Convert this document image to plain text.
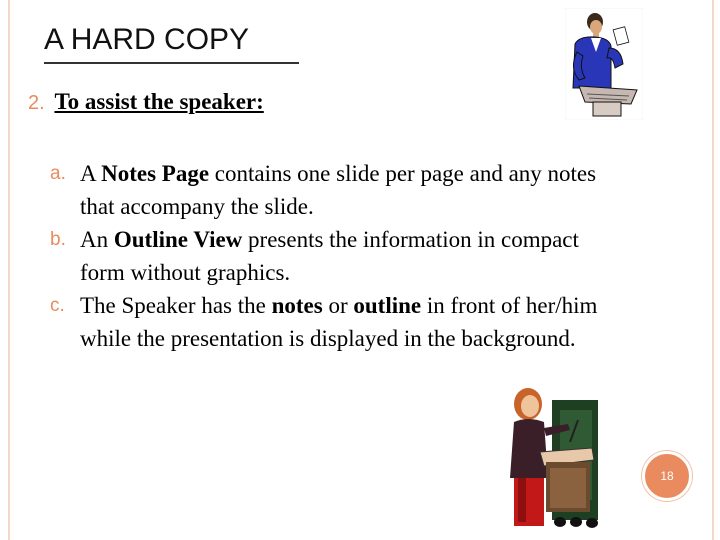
A HARD COPY
2. To assist the speaker:
a. A Notes Page contains one slide per page and any notes that accompany the slide.
b. An Outline View presents the information in compact form without graphics.
c. The Speaker has the notes or outline in front of her/him while the presentation is displayed in the background.
18
